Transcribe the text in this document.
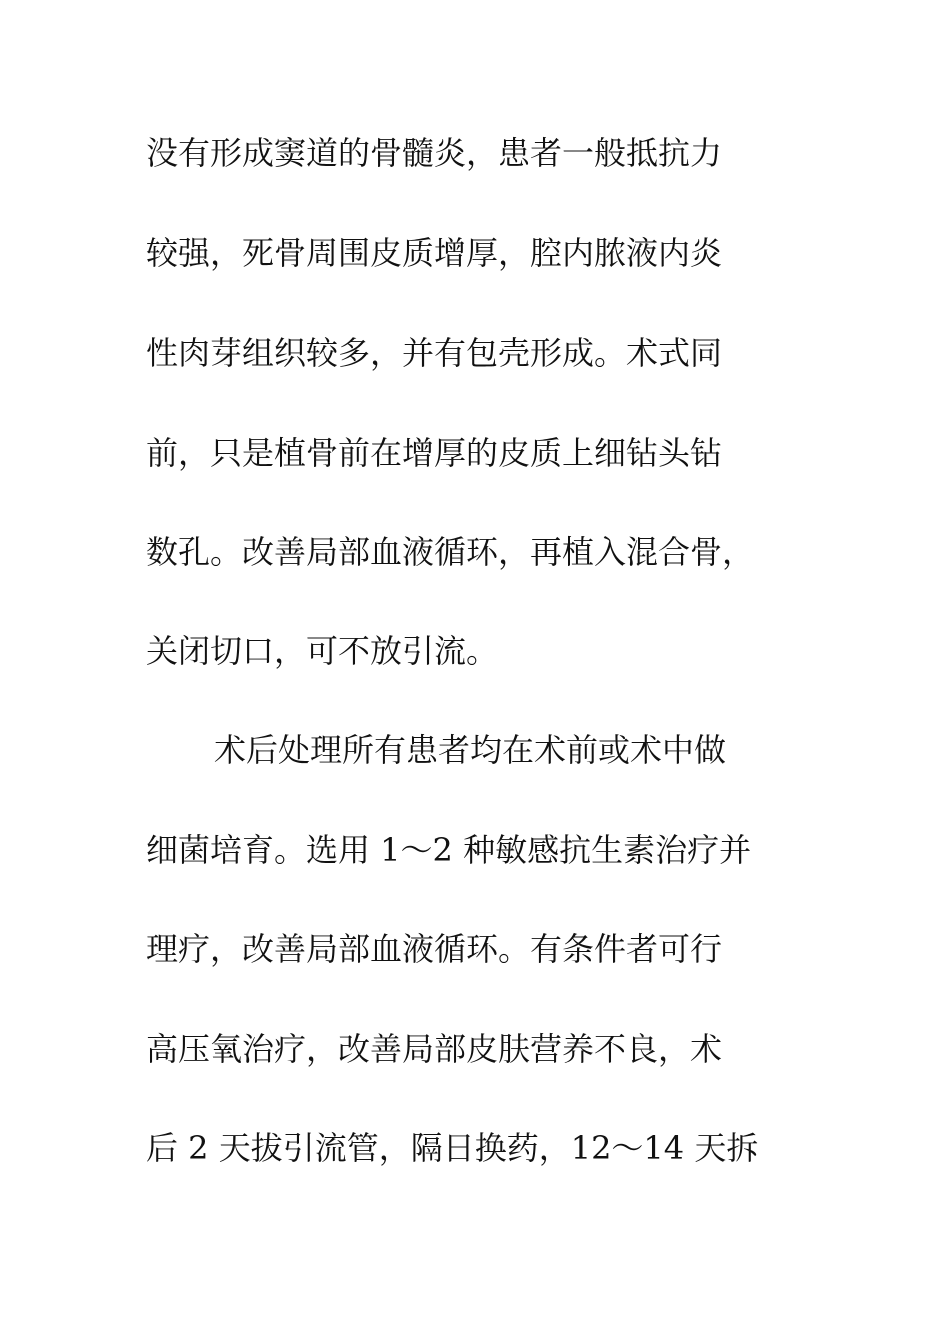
没有形成窦道的骨髓炎，患者一般抵抗力
较强，死骨周围皮质增厚，腔内脓液内炎
性肉芽组织较多，并有包壳形成。术式同
前，只是植骨前在增厚的皮质上细钻头钻
数孔。改善局部血液循环，再植入混合骨，
关闭切口，可不放引流。
术后处理所有患者均在术前或术中做
细菌培育。选用 1～2 种敏感抗生素治疗并
理疗，改善局部血液循环。有条件者可行
高压氧治疗，改善局部皮肤营养不良，术
后 2 天拔引流管，隔日换药，12～14 天拆
